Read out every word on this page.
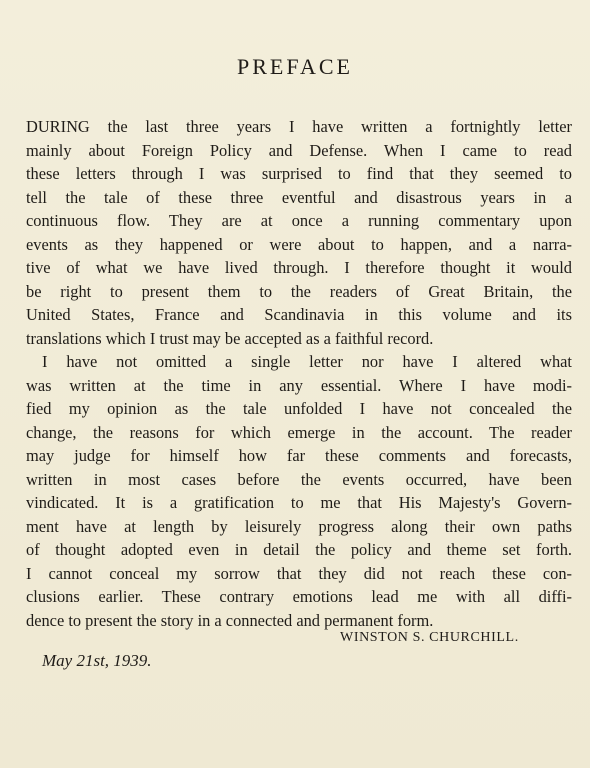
PREFACE
DURING the last three years I have written a fortnightly letter
mainly about Foreign Policy and Defense. When I came to read
these letters through I was surprised to find that they seemed to
tell the tale of these three eventful and disastrous years in a
continuous flow. They are at once a running commentary upon
events as they happened or were about to happen, and a narra-
tive of what we have lived through. I therefore thought it would
be right to present them to the readers of Great Britain, the
United States, France and Scandinavia in this volume and its
translations which I trust may be accepted as a faithful record.
I have not omitted a single letter nor have I altered what
was written at the time in any essential. Where I have modi-
fied my opinion as the tale unfolded I have not concealed the
change, the reasons for which emerge in the account. The reader
may judge for himself how far these comments and forecasts,
written in most cases before the events occurred, have been
vindicated. It is a gratification to me that His Majesty's Govern-
ment have at length by leisurely progress along their own paths
of thought adopted even in detail the policy and theme set forth.
I cannot conceal my sorrow that they did not reach these con-
clusions earlier. These contrary emotions lead me with all diffi-
dence to present the story in a connected and permanent form.
WINSTON S. CHURCHILL.
May 21st, 1939.
